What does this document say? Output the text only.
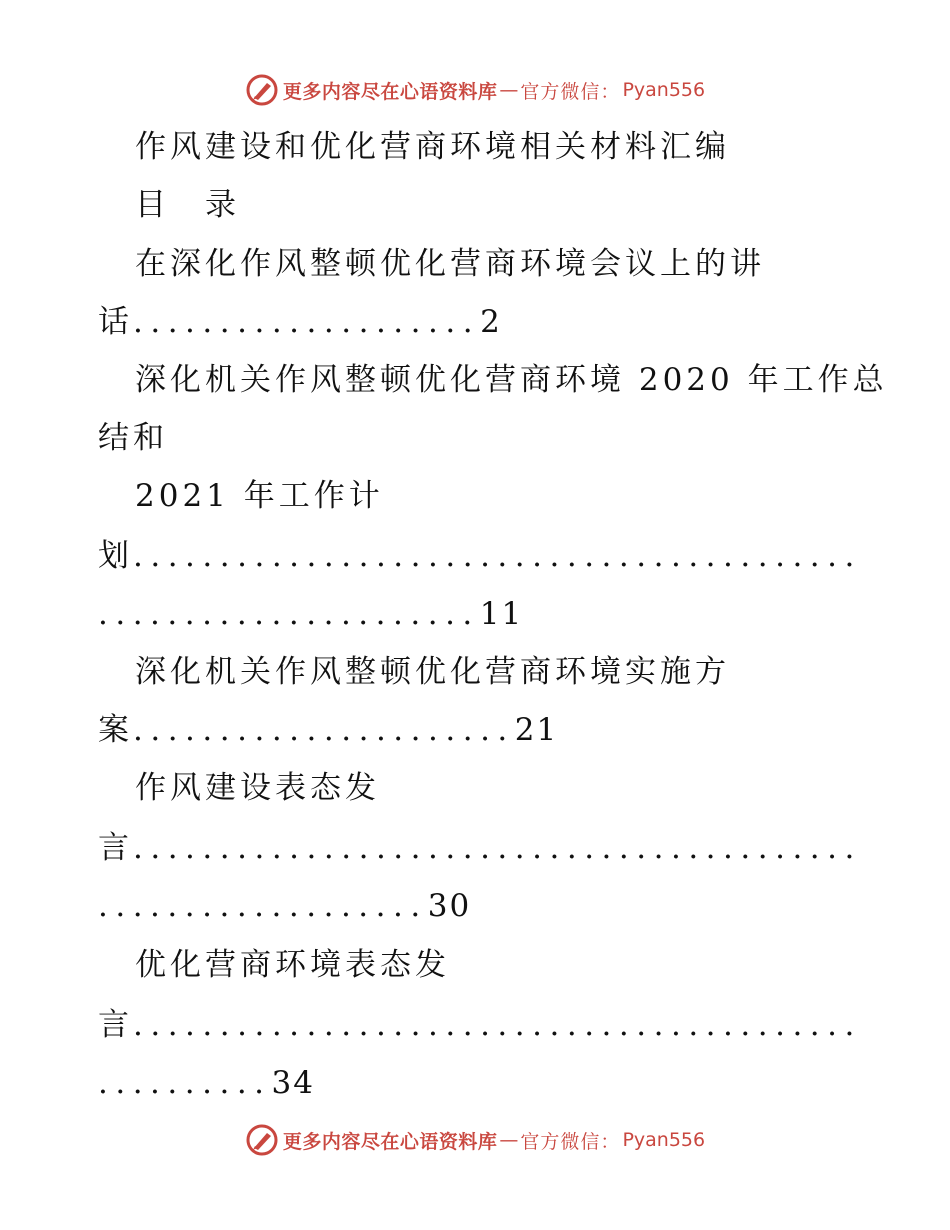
更多内容尽在心语资料库 — 官方微信： Pyan556
作风建设和优化营商环境相关材料汇编
目　录
在深化作风整顿优化营商环境会议上的讲
话....................2
深化机关作风整顿优化营商环境 2020 年工作总
结和
2021 年工作计
划..........................................
......................11
深化机关作风整顿优化营商环境实施方
案......................21
作风建设表态发
言..........................................
...................30
优化营商环境表态发
言..........................................
..........34
更多内容尽在心语资料库 — 官方微信： Pyan556
